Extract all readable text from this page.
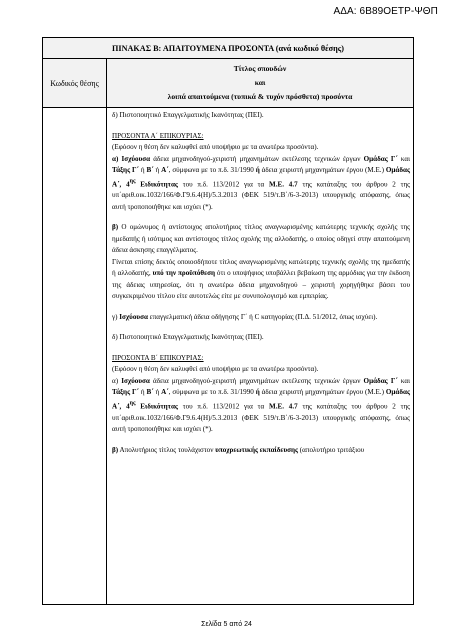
ΑΔΑ: 6Β89ΟΕΤΡ-ΨΘΠ
ΠΙΝΑΚΑΣ Β: ΑΠΑΙΤΟΥΜΕΝΑ ΠΡΟΣΟΝΤΑ (ανά κωδικό θέσης)
Κωδικός θέσης
Τίτλος σπουδών
και
λοιπά απαιτούμενα (τυπικά & τυχόν πρόσθετα) προσόντα

δ) Πιστοποιητικό Επαγγελματικής Ικανότητας (ΠΕΙ).

ΠΡΟΣΟΝΤΑ Α΄ ΕΠΙΚΟΥΡΙΑΣ:

(Εφόσον η θέση δεν καλυφθεί από υποψήφιο με τα ανωτέρω προσόντα).

α) Ισχύουσα άδεια μηχανοδηγού-χειριστή μηχανημάτων εκτέλεσης τεχνικών έργων Ομάδας Γ΄ και Τάξης Γ΄ ή Β΄ ή Α΄, σύμφωνα με το π.δ. 31/1990 ή άδεια χειριστή μηχανημάτων έργου (Μ.Ε.) Ομάδας Α΄, $4^{\eta\varsigma}$ Ειδικότητας του π.δ. 113/2012 για τα Μ.Ε. 4.7 της κατάταξης του άρθρου 2 της υπ΄αριθ.οικ.1032/166/Φ.Γ9.6.4(Η)/5.3.2013 (ΦΕΚ 519/τ.Β΄/6-3-2013) υπουργικής απόφασης, όπως αυτή τροποποιήθηκε και ισχύει (*).

β) Ο ομώνυμος ή αντίστοιχος απολυτήριος τίτλος αναγνωρισμένης κατώτερης τεχνικής σχολής της ημεδαπής ή ισότιμος και αντίστοιχος τίτλος σχολής της αλλοδαπής, ο οποίος οδηγεί στην απαιτούμενη άδεια άσκησης επαγγέλματος.

Γίνεται επίσης δεκτός οποιοσδήποτε τίτλος αναγνωρισμένης κατώτερης τεχνικής σχολής της ημεδαπής ή αλλοδαπής, υπό την προϋπόθεση ότι ο υποψήφιος υποβάλλει βεβαίωση της αρμόδιας για την έκδοση της άδειας υπηρεσίας, ότι η ανωτέρω άδεια μηχανοδηγού – χειριστή χορηγήθηκε βάσει του συγκεκριμένου τίτλου είτε αυτοτελώς είτε με συνυπολογισμό και εμπειρίας.

γ) Ισχύουσα επαγγελματική άδεια οδήγησης Γ΄ ή C κατηγορίας (Π.Δ. 51/2012, όπως ισχύει).

δ) Πιστοποιητικό Επαγγελματικής Ικανότητας (ΠΕΙ).

ΠΡΟΣΟΝΤΑ Β΄ ΕΠΙΚΟΥΡΙΑΣ:

(Εφόσον η θέση δεν καλυφθεί από υποψήφιο με τα ανωτέρω προσόντα).

α) Ισχύουσα άδεια μηχανοδηγού-χειριστή μηχανημάτων εκτέλεσης τεχνικών έργων Ομάδας Γ΄ και Τάξης Γ΄ ή Β΄ ή Α΄, σύμφωνα με το π.δ. 31/1990 ή άδεια χειριστή μηχανημάτων έργου (Μ.Ε.) Ομάδας Α΄, $4^{\eta\varsigma}$ Ειδικότητας του π.δ. 113/2012 για τα Μ.Ε. 4.7 της κατάταξης του άρθρου 2 της υπ΄αριθ.οικ.1032/166/Φ.Γ9.6.4(Η)/5.3.2013 (ΦΕΚ 519/τ.Β΄/6-3-2013) υπουργικής απόφασης, όπως αυτή τροποποιήθηκε και ισχύει (*).

β) Απολυτήριος τίτλος τουλάχιστον υποχρεωτικής εκπαίδευσης (απολυτήριο τριτάξιου

Σελίδα 5 από 24
